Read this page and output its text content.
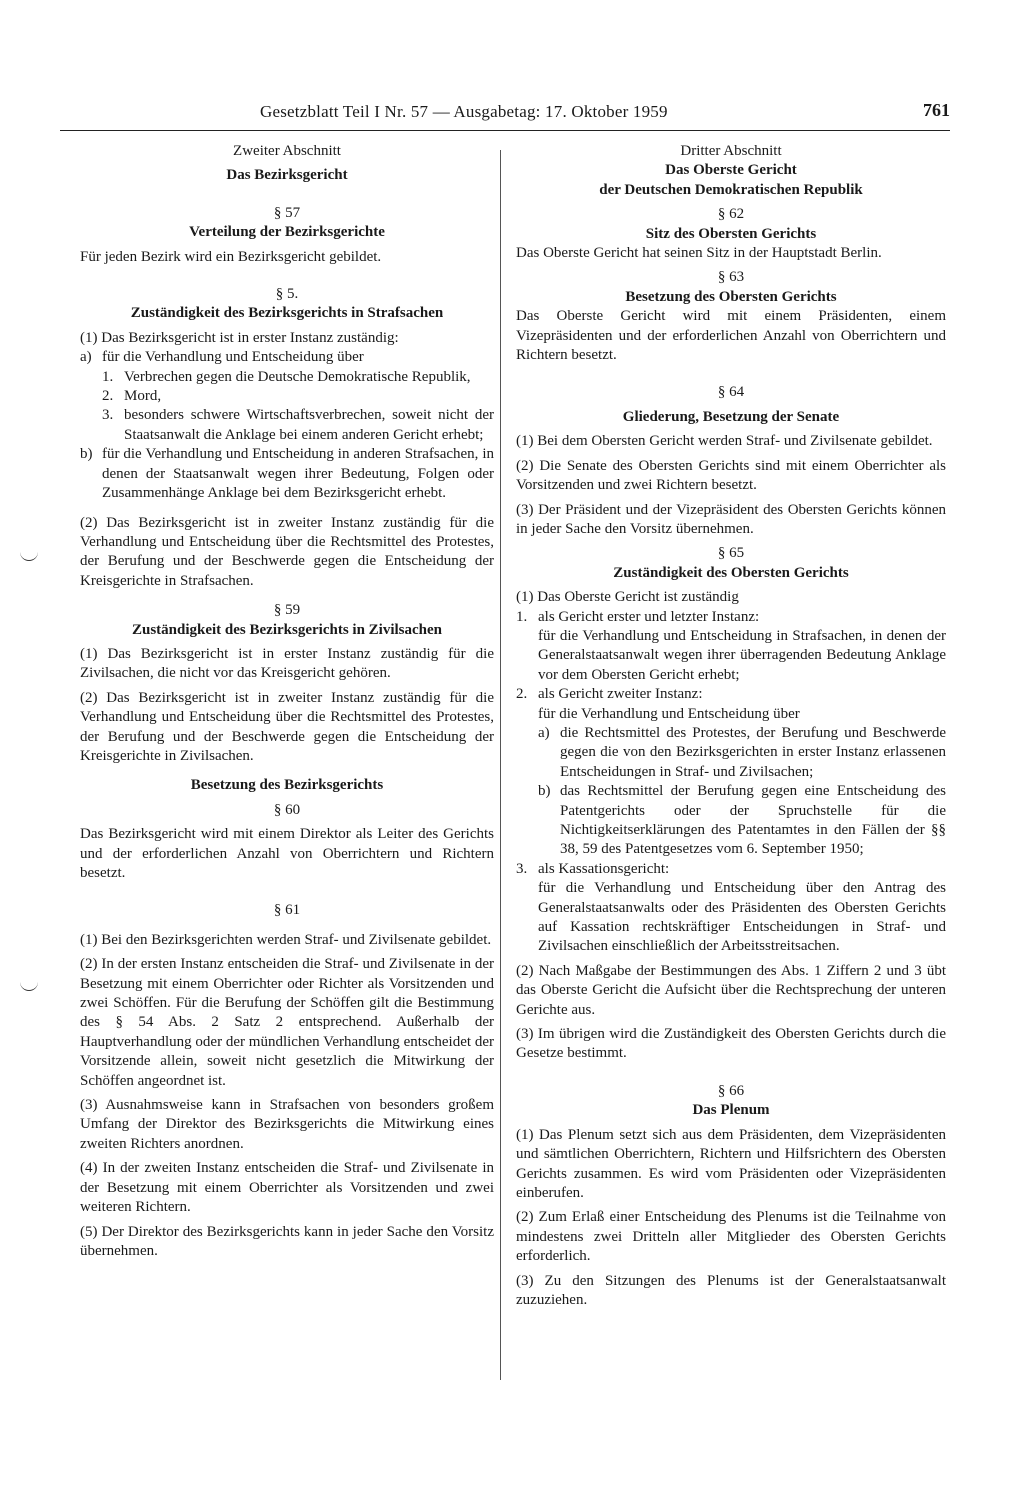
Gesetzblatt Teil I Nr. 57 — Ausgabetag: 17. Oktober 1959	761
Zweiter Abschnitt
Das Bezirksgericht
§ 57
Verteilung der Bezirksgerichte

Für jeden Bezirk wird ein Bezirksgericht gebildet.

§ 5.
Zuständigkeit des Bezirksgerichts in Strafsachen

(1) Das Bezirksgericht ist in erster Instanz zuständig:

a) für die Verhandlung und Entscheidung über
1. Verbrechen gegen die Deutsche Demokratische Republik,
2. Mord,
3. besonders schwere Wirtschaftsverbrechen, soweit nicht der Staatsanwalt die Anklage bei einem anderen Gericht erhebt;
b) für die Verhandlung und Entscheidung in anderen Strafsachen, in denen der Staatsanwalt wegen ihrer Bedeutung, Folgen oder Zusammenhänge Anklage bei dem Bezirksgericht erhebt.

(2) Das Bezirksgericht ist in zweiter Instanz zuständig für die Verhandlung und Entscheidung über die Rechtsmittel des Protestes, der Berufung und der Beschwerde gegen die Entscheidung der Kreisgerichte in Strafsachen.

§ 59
Zuständigkeit des Bezirksgerichts in Zivilsachen

(1) Das Bezirksgericht ist in erster Instanz zuständig für die Zivilsachen, die nicht vor das Kreisgericht gehören.

(2) Das Bezirksgericht ist in zweiter Instanz zuständig für die Verhandlung und Entscheidung über die Rechtsmittel des Protestes, der Berufung und der Beschwerde gegen die Entscheidung der Kreisgerichte in Zivilsachen.

Besetzung des Bezirksgerichts
§ 60

Das Bezirksgericht wird mit einem Direktor als Leiter des Gerichts und der erforderlichen Anzahl von Oberrichtern und Richtern besetzt.

§ 61

(1) Bei den Bezirksgerichten werden Straf- und Zivilsenate gebildet.

(2) In der ersten Instanz entscheiden die Straf- und Zivilsenate in der Besetzung mit einem Oberrichter oder Richter als Vorsitzenden und zwei Schöffen. Für die Berufung der Schöffen gilt die Bestimmung des § 54 Abs. 2 Satz 2 entsprechend. Außerhalb der Hauptverhandlung oder der mündlichen Verhandlung entscheidet der Vorsitzende allein, soweit nicht gesetzlich die Mitwirkung der Schöffen angeordnet ist.

(3) Ausnahmsweise kann in Strafsachen von besonders großem Umfang der Direktor des Bezirksgerichts die Mitwirkung eines zweiten Richters anordnen.

(4) In der zweiten Instanz entscheiden die Straf- und Zivilsenate in der Besetzung mit einem Oberrichter als Vorsitzenden und zwei weiteren Richtern.

(5) Der Direktor des Bezirksgerichts kann in jeder Sache den Vorsitz übernehmen.

Dritter Abschnitt
Das Oberste Gericht
der Deutschen Demokratischen Republik
§ 62
Sitz des Obersten Gerichts

Das Oberste Gericht hat seinen Sitz in der Hauptstadt Berlin.

§ 63
Besetzung des Obersten Gerichts

Das Oberste Gericht wird mit einem Präsidenten, einem Vizepräsidenten und der erforderlichen Anzahl von Oberrichtern und Richtern besetzt.

§ 64
Gliederung, Besetzung der Senate

(1) Bei dem Obersten Gericht werden Straf- und Zivilsenate gebildet.

(2) Die Senate des Obersten Gerichts sind mit einem Oberrichter als Vorsitzenden und zwei Richtern besetzt.

(3) Der Präsident und der Vizepräsident des Obersten Gerichts können in jeder Sache den Vorsitz übernehmen.

§ 65
Zuständigkeit des Obersten Gerichts

(1) Das Oberste Gericht ist zuständig

1. als Gericht erster und letzter Instanz:

für die Verhandlung und Entscheidung in Strafsachen, in denen der Generalstaatsanwalt wegen ihrer überragenden Bedeutung Anklage vor dem Obersten Gericht erhebt;

2. als Gericht zweiter Instanz:

für die Verhandlung und Entscheidung über

a) die Rechtsmittel des Protestes, der Berufung und Beschwerde gegen die von den Bezirksgerichten in erster Instanz erlassenen Entscheidungen in Straf- und Zivilsachen;
b) das Rechtsmittel der Berufung gegen eine Entscheidung des Patentgerichts oder der Spruchstelle für die Nichtigkeitserklärungen des Patentamtes in den Fällen der §§ 38, 59 des Patentgesetzes vom 6. September 1950;
3. als Kassationsgericht:

für die Verhandlung und Entscheidung über den Antrag des Generalstaatsanwalts oder des Präsidenten des Obersten Gerichts auf Kassation rechtskräftiger Entscheidungen in Straf- und Zivilsachen einschließlich der Arbeitsstreitsachen.

(2) Nach Maßgabe der Bestimmungen des Abs. 1 Ziffern 2 und 3 übt das Oberste Gericht die Aufsicht über die Rechtsprechung der unteren Gerichte aus.

(3) Im übrigen wird die Zuständigkeit des Obersten Gerichts durch die Gesetze bestimmt.

§ 66
Das Plenum

(1) Das Plenum setzt sich aus dem Präsidenten, dem Vizepräsidenten und sämtlichen Oberrichtern, Richtern und Hilfsrichtern des Obersten Gerichts zusammen. Es wird vom Präsidenten oder Vizepräsidenten einberufen.

(2) Zum Erlaß einer Entscheidung des Plenums ist die Teilnahme von mindestens zwei Dritteln aller Mitglieder des Obersten Gerichts erforderlich.

(3) Zu den Sitzungen des Plenums ist der Generalstaatsanwalt zuzuziehen.
